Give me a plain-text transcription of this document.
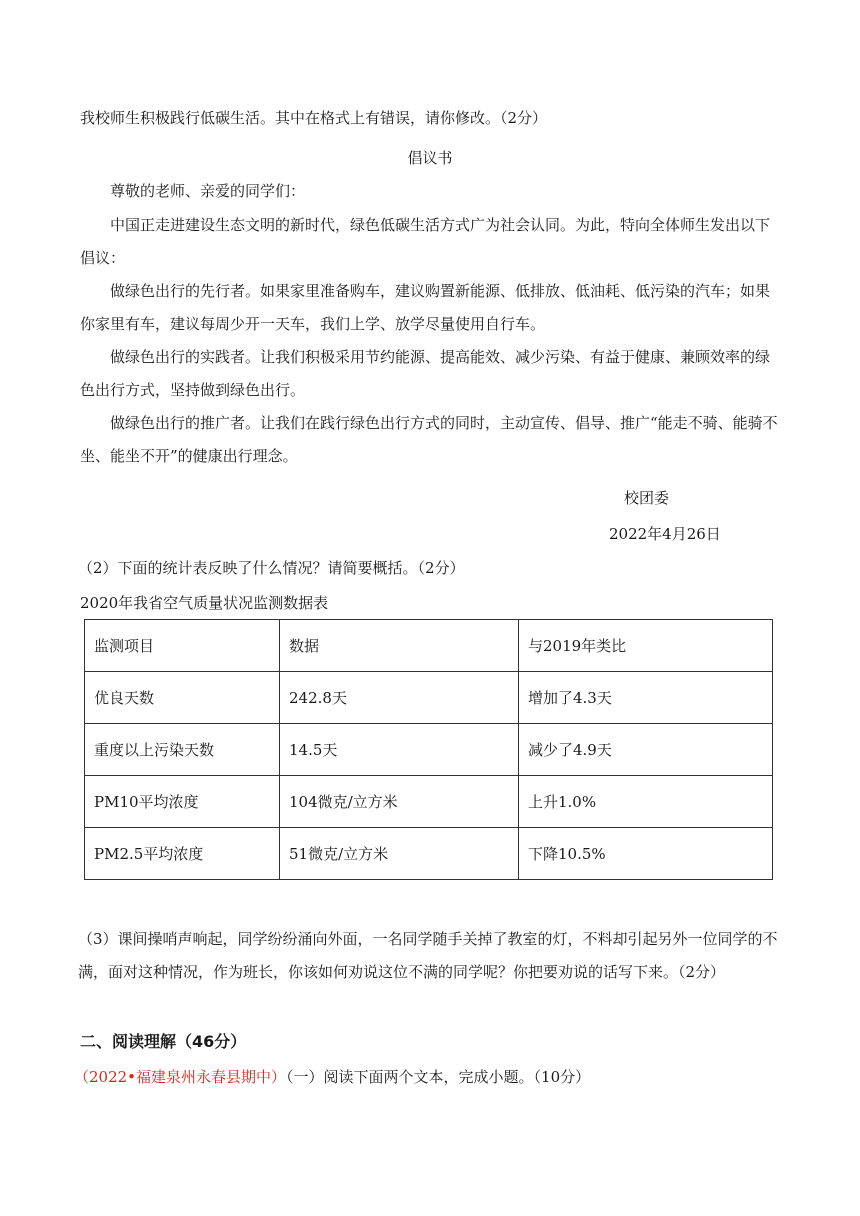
我校师生积极践行低碳生活。其中在格式上有错误，请你修改。（2分）
倡议书
尊敬的老师、亲爱的同学们：

中国正走进建设生态文明的新时代，绿色低碳生活方式广为社会认同。为此，特向全体师生发出以下倡议：

做绿色出行的先行者。如果家里准备购车，建议购置新能源、低排放、低油耗、低污染的汽车；如果你家里有车，建议每周少开一天车，我们上学、放学尽量使用自行车。

做绿色出行的实践者。让我们积极采用节约能源、提高能效、减少污染、有益于健康、兼顾效率的绿色出行方式，坚持做到绿色出行。

做绿色出行的推广者。让我们在践行绿色出行方式的同时，主动宣传、倡导、推广“能走不骑、能骑不坐、能坐不开”的健康出行理念。

校团委
2022年4月26日
（2）下面的统计表反映了什么情况？请简要概括。（2分）
2020年我省空气质量状况监测数据表
监测项目	数据	与2019年类比
优良天数	242.8天	增加了4.3天
重度以上污染天数	14.5天	减少了4.9天
PM10平均浓度	104微克/立方米	上升1.0%
PM2.5平均浓度	51微克/立方米	下降10.5%

（3）课间操哨声响起，同学纷纷涌向外面，一名同学随手关掉了教室的灯，不料却引起另外一位同学的不满，面对这种情况，作为班长，你该如何劝说这位不满的同学呢？你把要劝说的话写下来。（2分）

二、阅读理解（46分）
（2022•福建泉州永春县期中）（一）阅读下面两个文本，完成小题。（10分）
